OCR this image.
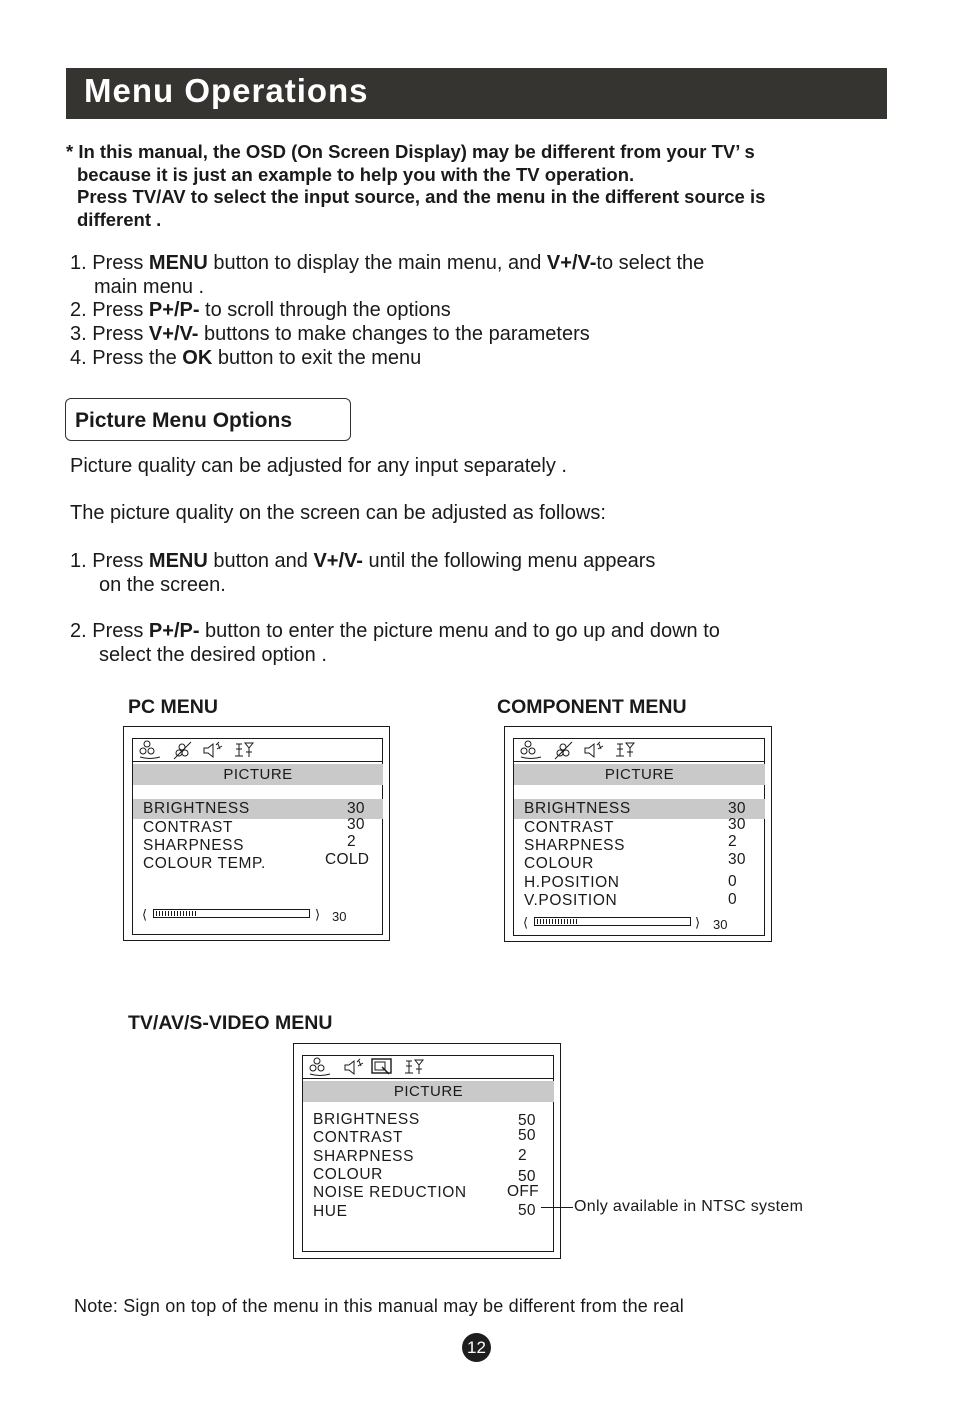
Menu Operations
* In this manual, the OSD (On Screen Display) may be different from your TV’ s
because it is just an example to help you with the TV operation.
Press TV/AV to select the input source, and the menu in the different source is
different .
1. Press MENU button to display the main menu, and V+/V-to select the
main menu .
2. Press P+/P- to scroll through the options
3. Press V+/V- buttons to make changes to the parameters
4. Press the OK button to exit the menu
Picture Menu Options
Picture quality can be adjusted for any input separately .
The picture quality on the screen can be adjusted as follows:
1. Press MENU button and V+/V- until the following menu appears
on the screen.
2. Press P+/P- button to enter the picture menu and to go up and down to
select the desired option .
PC MENU
PICTURE
BRIGHTNESS	30
CONTRAST	30
SHARPNESS	2
COLOUR TEMP.	COLD
⟨	⟩ 30
COMPONENT MENU
PICTURE
BRIGHTNESS	30
CONTRAST	30
SHARPNESS	2
COLOUR	30
H.POSITION	0
V.POSITION	0
⟨	⟩ 30
TV/AV/S-VIDEO MENU
PICTURE
BRIGHTNESS	50
CONTRAST	50
SHARPNESS	2
COLOUR	50
NOISE REDUCTION	OFF
HUE	50 Only available in NTSC system
Note: Sign on top of the menu in this manual may be different from the real
12
